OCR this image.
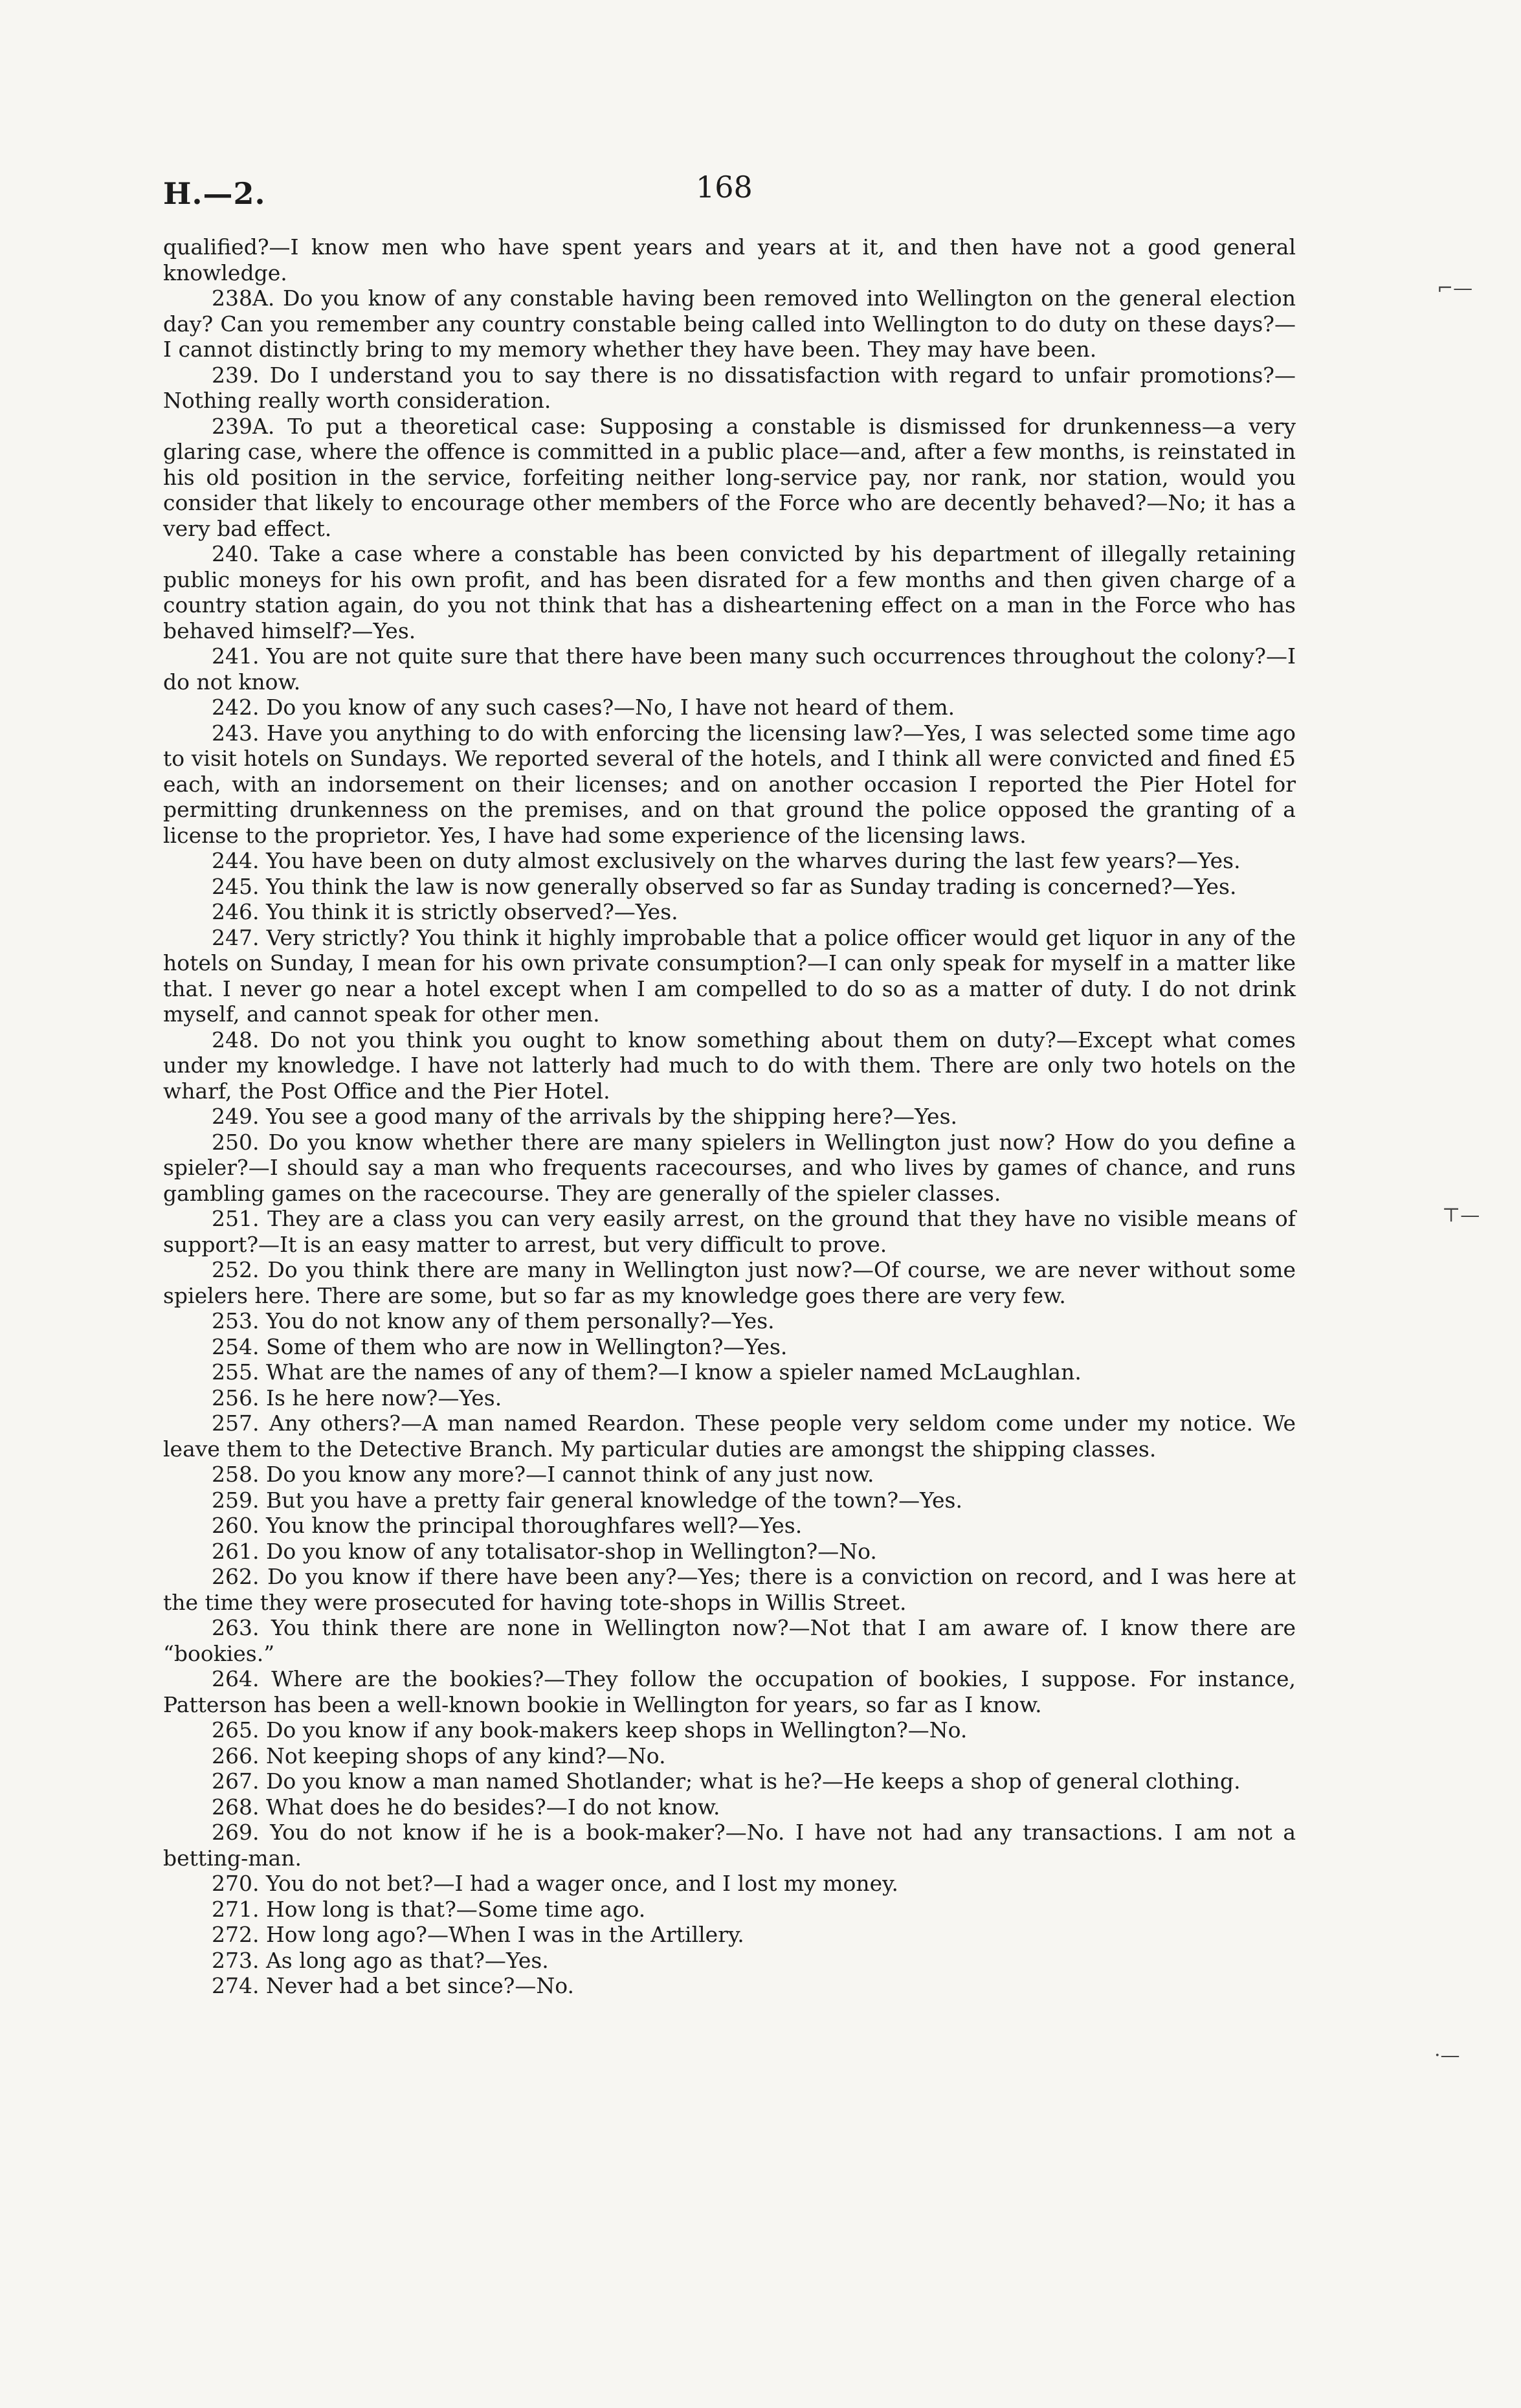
H.—2.	168
⌐—
⊤—
·—

qualified?—I know men who have spent years and years at it, and then have not a good general knowledge.

238A. Do you know of any constable having been removed into Wellington on the general election day? Can you remember any country constable being called into Wellington to do duty on these days?—I cannot distinctly bring to my memory whether they have been. They may have been.

239. Do I understand you to say there is no dissatisfaction with regard to unfair promotions?—Nothing really worth consideration.

239A. To put a theoretical case: Supposing a constable is dismissed for drunkenness—a very glaring case, where the offence is committed in a public place—and, after a few months, is reinstated in his old position in the service, forfeiting neither long-service pay, nor rank, nor station, would you consider that likely to encourage other members of the Force who are decently behaved?—No; it has a very bad effect.

240. Take a case where a constable has been convicted by his department of illegally retaining public moneys for his own profit, and has been disrated for a few months and then given charge of a country station again, do you not think that has a disheartening effect on a man in the Force who has behaved himself?—Yes.

241. You are not quite sure that there have been many such occurrences throughout the colony?—I do not know.

242. Do you know of any such cases?—No, I have not heard of them.

243. Have you anything to do with enforcing the licensing law?—Yes, I was selected some time ago to visit hotels on Sundays. We reported several of the hotels, and I think all were convicted and fined £5 each, with an indorsement on their licenses; and on another occasion I reported the Pier Hotel for permitting drunkenness on the premises, and on that ground the police opposed the granting of a license to the proprietor. Yes, I have had some experience of the licensing laws.

244. You have been on duty almost exclusively on the wharves during the last few years?—Yes.

245. You think the law is now generally observed so far as Sunday trading is concerned?—Yes.

246. You think it is strictly observed?—Yes.

247. Very strictly? You think it highly improbable that a police officer would get liquor in any of the hotels on Sunday, I mean for his own private consumption?—I can only speak for myself in a matter like that. I never go near a hotel except when I am compelled to do so as a matter of duty. I do not drink myself, and cannot speak for other men.

248. Do not you think you ought to know something about them on duty?—Except what comes under my knowledge. I have not latterly had much to do with them. There are only two hotels on the wharf, the Post Office and the Pier Hotel.

249. You see a good many of the arrivals by the shipping here?—Yes.

250. Do you know whether there are many spielers in Wellington just now? How do you define a spieler?—I should say a man who frequents racecourses, and who lives by games of chance, and runs gambling games on the racecourse. They are generally of the spieler classes.

251. They are a class you can very easily arrest, on the ground that they have no visible means of support?—It is an easy matter to arrest, but very difficult to prove.

252. Do you think there are many in Wellington just now?—Of course, we are never without some spielers here. There are some, but so far as my knowledge goes there are very few.

253. You do not know any of them personally?—Yes.

254. Some of them who are now in Wellington?—Yes.

255. What are the names of any of them?—I know a spieler named McLaughlan.

256. Is he here now?—Yes.

257. Any others?—A man named Reardon. These people very seldom come under my notice. We leave them to the Detective Branch. My particular duties are amongst the shipping classes.

258. Do you know any more?—I cannot think of any just now.

259. But you have a pretty fair general knowledge of the town?—Yes.

260. You know the principal thoroughfares well?—Yes.

261. Do you know of any totalisator-shop in Wellington?—No.

262. Do you know if there have been any?—Yes; there is a conviction on record, and I was here at the time they were prosecuted for having tote-shops in Willis Street.

263. You think there are none in Wellington now?—Not that I am aware of. I know there are “bookies.”

264. Where are the bookies?—They follow the occupation of bookies, I suppose. For instance, Patterson has been a well-known bookie in Wellington for years, so far as I know.

265. Do you know if any book-makers keep shops in Wellington?—No.

266. Not keeping shops of any kind?—No.

267. Do you know a man named Shotlander; what is he?—He keeps a shop of general clothing.

268. What does he do besides?—I do not know.

269. You do not know if he is a book-maker?—No. I have not had any transactions. I am not a betting-man.

270. You do not bet?—I had a wager once, and I lost my money.

271. How long is that?—Some time ago.

272. How long ago?—When I was in the Artillery.

273. As long ago as that?—Yes.

274. Never had a bet since?—No.
